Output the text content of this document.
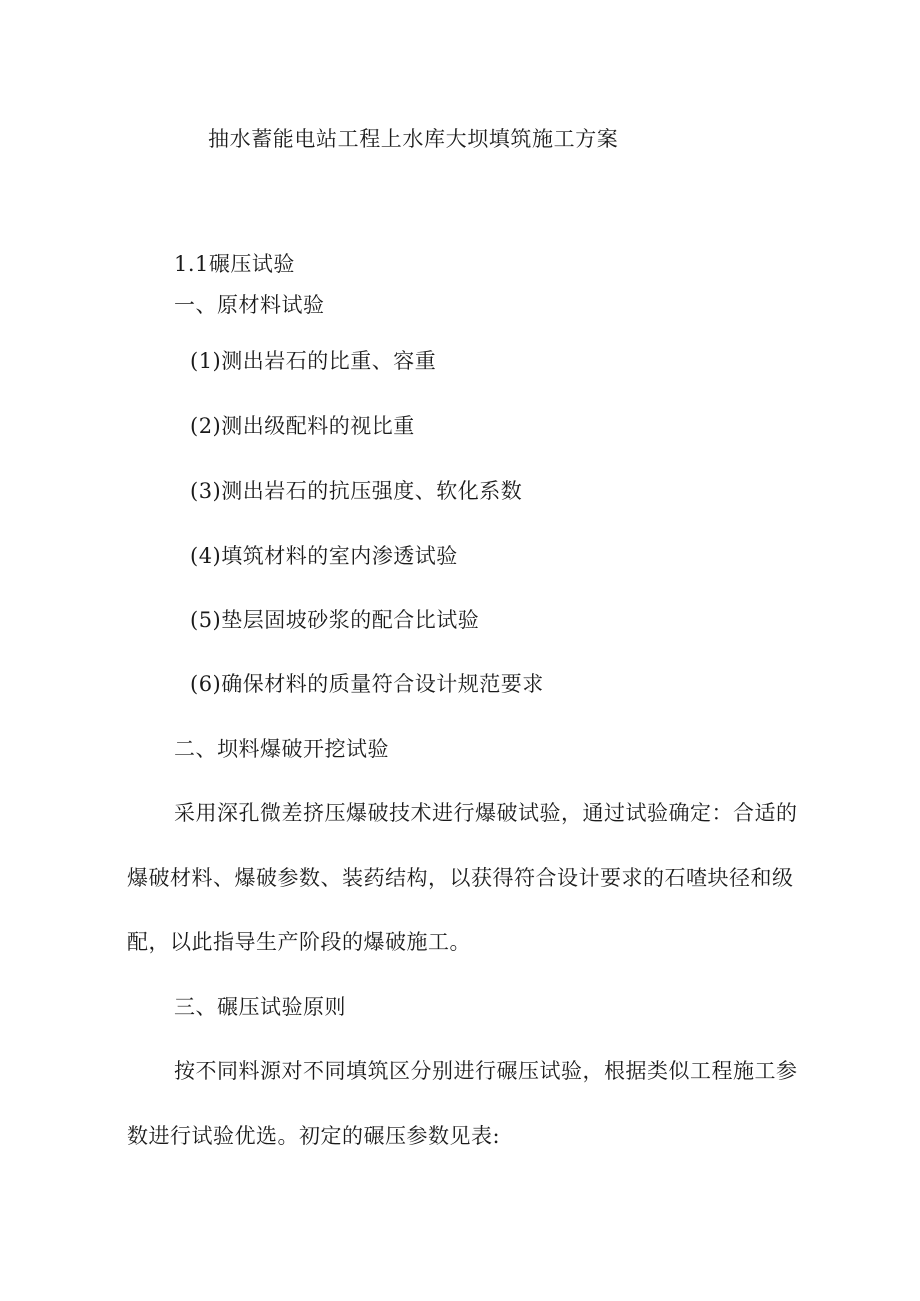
抽水蓄能电站工程上水库大坝填筑施工方案
1.1碾压试验
一、原材料试验
(1)测出岩石的比重、容重
(2)测出级配料的视比重
(3)测出岩石的抗压强度、软化系数
(4)填筑材料的室内渗透试验
(5)垫层固坡砂浆的配合比试验
(6)确保材料的质量符合设计规范要求
二、坝料爆破开挖试验
采用深孔微差挤压爆破技术进行爆破试验，通过试验确定：合适的
爆破材料、爆破参数、装药结构，以获得符合设计要求的石喳块径和级
配，以此指导生产阶段的爆破施工。
三、碾压试验原则
按不同料源对不同填筑区分别进行碾压试验，根据类似工程施工参
数进行试验优选。初定的碾压参数见表:
